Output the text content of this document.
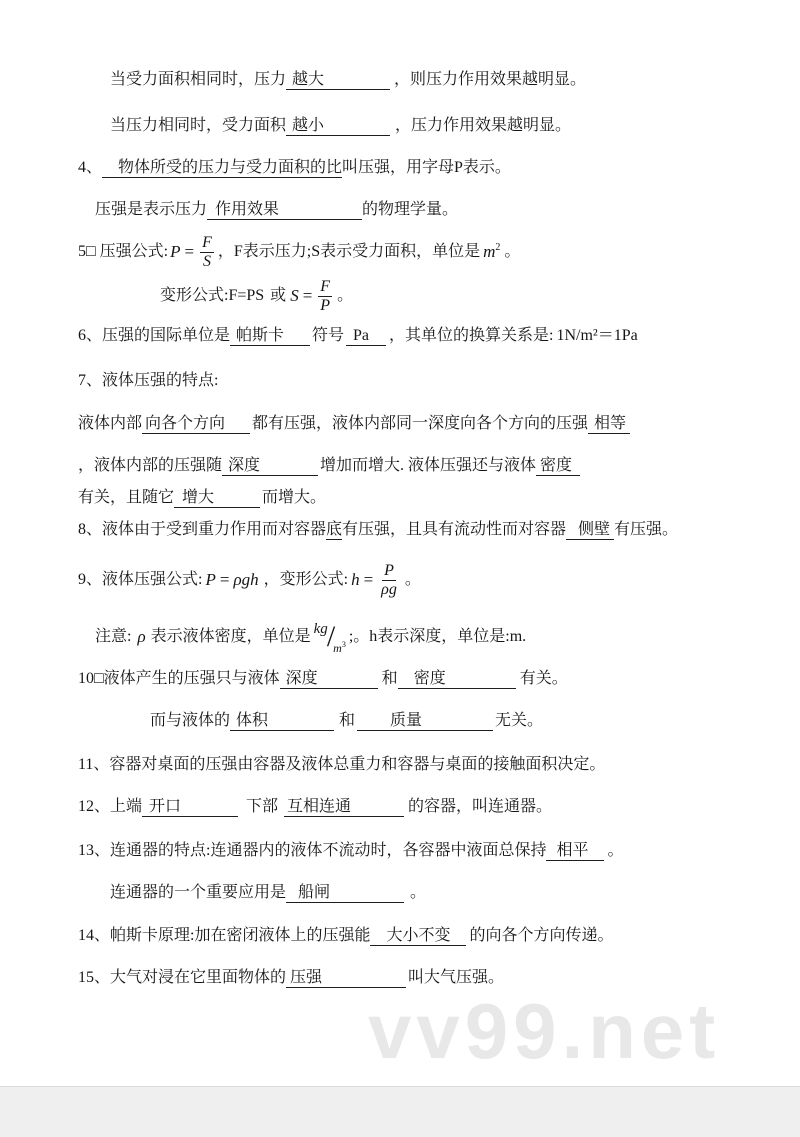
当受力面积相同时，压力 越大	，则压力作用效果越明显。
当压力相同时，受力面积 越小	，压力作用效果越明显。
4、	物体所受的压力与受力面积的比 叫压强，用字母P表示。
压强是表示压力 作用效果	的物理学量。
5□ 压强公式: $P = \frac{F}{S}$ ，F表示压力;S表示受力面积，单位是 $m^2$ 。
变形公式:F=PS 或 $S = \frac{F}{P}$ 。
6、压强的国际单位是 帕斯卡	符号 Pa	，其单位的换算关系是: 1N/m²＝1Pa
7、液体压强的特点:
液体内部 向各个方向	都有压强，液体内部同一深度向各个方向的压强 相等
，液体内部的压强随 深度	增加而增大. 液体压强还与液体 密度
有关，且随它 增大	而增大。
8、液体由于受到重力作用而对容器 底 有压强，且具有流动性而对容器 侧壁 有压强。
9、液体压强公式: P = ρgh ，变形公式: $h = \frac{P}{\rho g}$ 。
注意: ρ 表示液体密度，单位是 kg /
$m^3$ ;。h表示深度，单位是:m.
10□液体产生的压强只与液体 深度	和	密度	有关。
而与液体的 体积	和	质量	无关。
11、容器对桌面的压强由容器及液体总重力和容器与桌面的接触面积决定。
12、上端 开口	下部 互相连通	的容器，叫连通器。
13、连通器的特点:连通器内的液体不流动时，各容器中液面总保持 相平	。
连通器的一个重要应用是 船闸	。
14、帕斯卡原理:加在密闭液体上的压强能	大小不变	的向各个方向传递。
15、大气对浸在它里面物体的 压强	叫大气压强。
vv99.net
